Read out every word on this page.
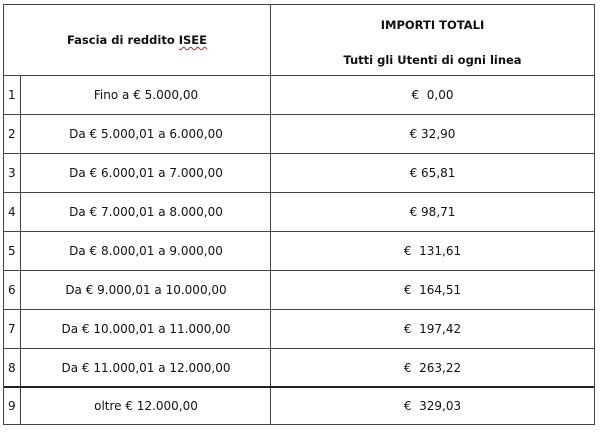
Fascia di reddito ISEE
IMPORTI TOTALI
Tutti gli Utenti di ogni linea
1	Fino a € 5.000,00	€  0,00
2	Da € 5.000,01 a 6.000,00	€ 32,90
3	Da € 6.000,01 a 7.000,00	€ 65,81
4	Da € 7.000,01 a 8.000,00	€ 98,71
5	Da € 8.000,01 a 9.000,00	€  131,61
6	Da € 9.000,01 a 10.000,00	€  164,51
7	Da € 10.000,01 a 11.000,00	€  197,42
8	Da € 11.000,01 a 12.000,00	€  263,22
9	oltre € 12.000,00	€  329,03
